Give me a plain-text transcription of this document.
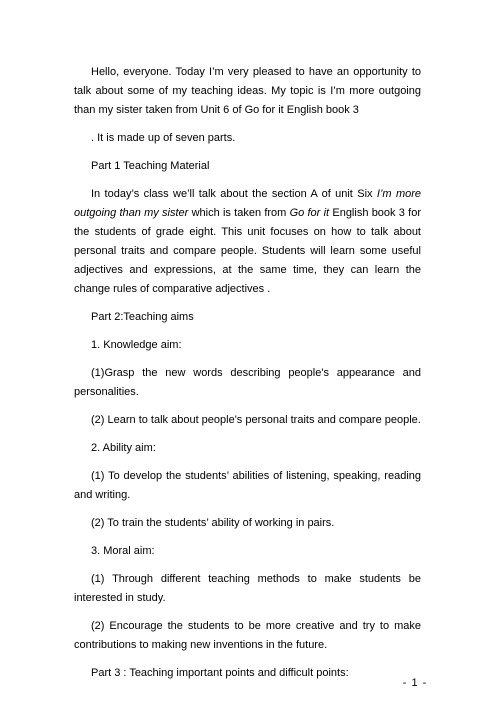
Hello, everyone. Today I’m very pleased to have an opportunity to talk about some of my teaching ideas. My topic is I’m more outgoing than my sister taken from Unit 6 of Go for it English book 3

. It is made up of seven parts.

Part 1 Teaching Material

In today’s class we’ll talk about the section A of unit Six I’m more outgoing than my sister which is taken from Go for it English book 3 for the students of grade eight. This unit focuses on how to talk about personal traits and compare people. Students will learn some useful adjectives and expressions, at the same time, they can learn the change rules of comparative adjectives .

Part 2:Teaching aims

1. Knowledge aim:

(1)Grasp the new words describing people's appearance and personalities.

(2) Learn to talk about people's personal traits and compare people.

2. Ability aim:

(1) To develop the students’ abilities of listening, speaking, reading and writing.

(2) To train the students’ ability of working in pairs.

3. Moral aim:

(1) Through different teaching methods to make students be interested in study.

(2) Encourage the students to be more creative and try to make contributions to making new inventions in the future.

Part 3 : Teaching important points and difficult points:

- 1 -
